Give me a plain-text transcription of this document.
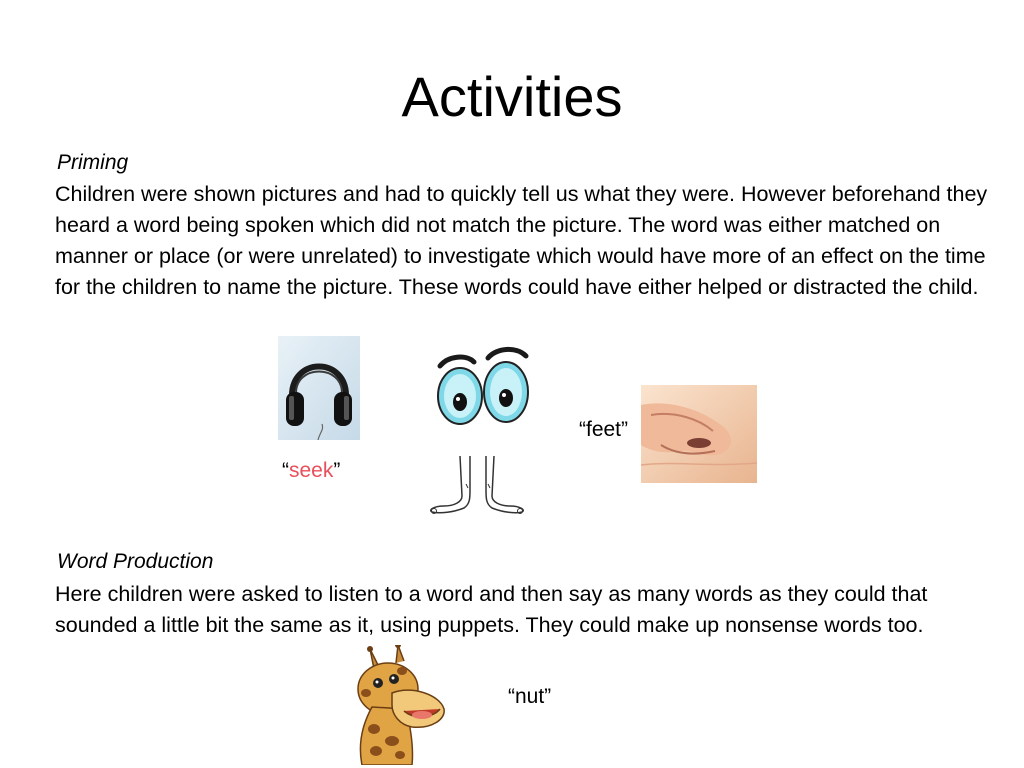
Activities
Priming

Children were shown pictures and had to quickly tell us what they were. However beforehand they heard a word being spoken which did not match the picture. The word was either matched on manner or place (or were unrelated) to investigate which would have more of an effect on the time for the children to name the picture. These words could have either helped or distracted the child.

“seek”
“feet”
Word Production

Here children were asked to listen to a word and then say as many words as they could that sounded a little bit the same as it, using puppets. They could make up nonsense words too.

“nut”
